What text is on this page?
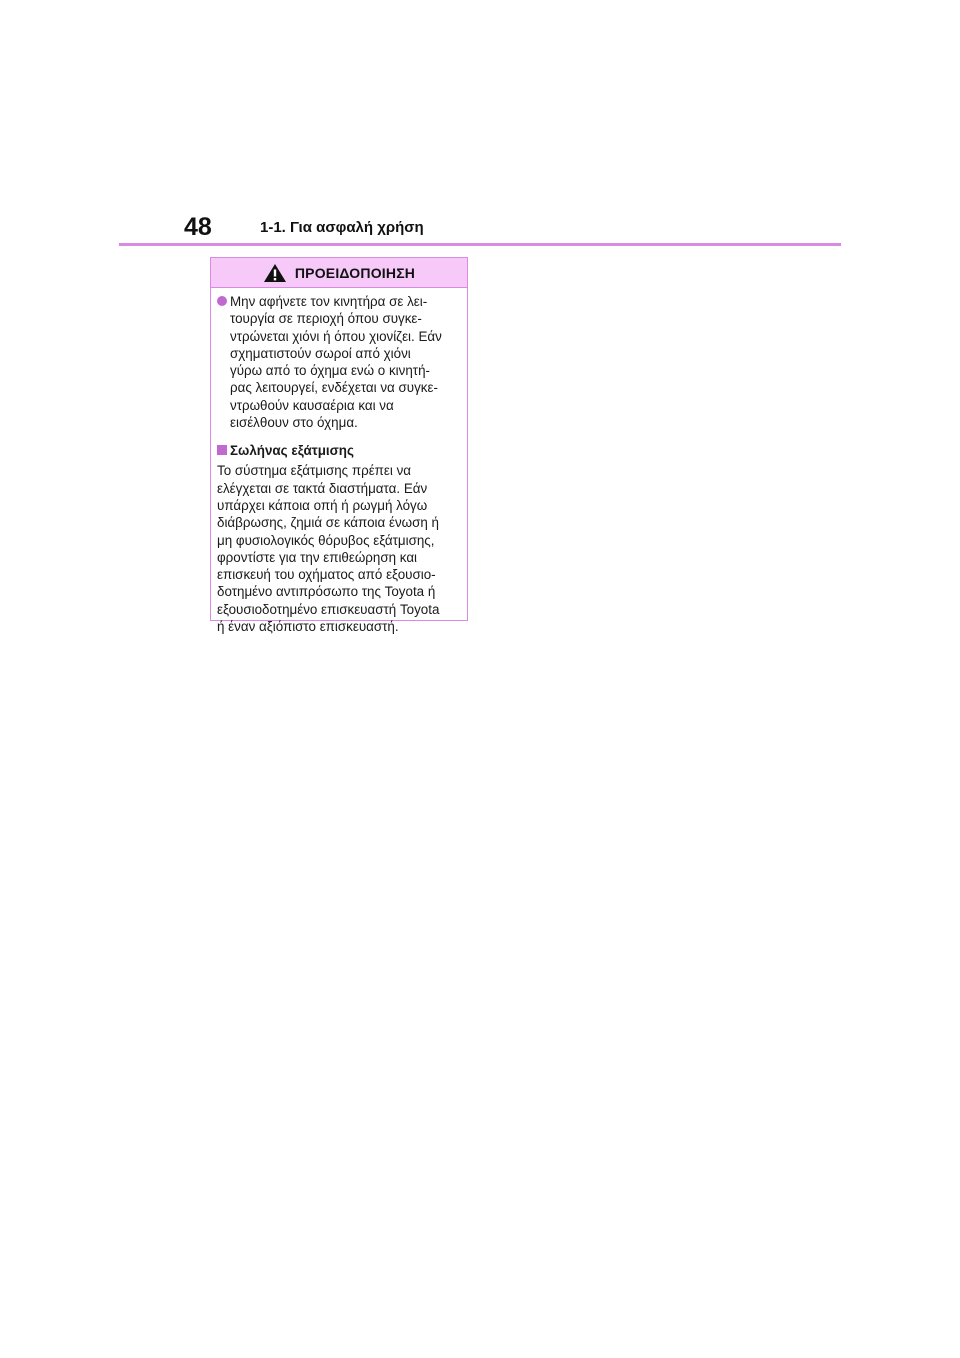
48	1-1. Για ασφαλή χρήση
ΠΡΟΕΙΔΟΠΟΙΗΣΗ
Μην αφήνετε τον κινητήρα σε λει-
τουργία σε περιοχή όπου συγκε-
ντρώνεται χιόνι ή όπου χιονίζει. Εάν
σχηματιστούν σωροί από χιόνι
γύρω από το όχημα ενώ ο κινητή-
ρας λειτουργεί, ενδέχεται να συγκε-
ντρωθούν καυσαέρια και να
εισέλθουν στο όχημα.
Σωλήνας εξάτμισης
Το σύστημα εξάτμισης πρέπει να
ελέγχεται σε τακτά διαστήματα. Εάν
υπάρχει κάποια οπή ή ρωγμή λόγω
διάβρωσης, ζημιά σε κάποια ένωση ή
μη φυσιολογικός θόρυβος εξάτμισης,
φροντίστε για την επιθεώρηση και
επισκευή του οχήματος από εξουσιο-
δοτημένο αντιπρόσωπο της Toyota ή
εξουσιοδοτημένο επισκευαστή Toyota
ή έναν αξιόπιστο επισκευαστή.
